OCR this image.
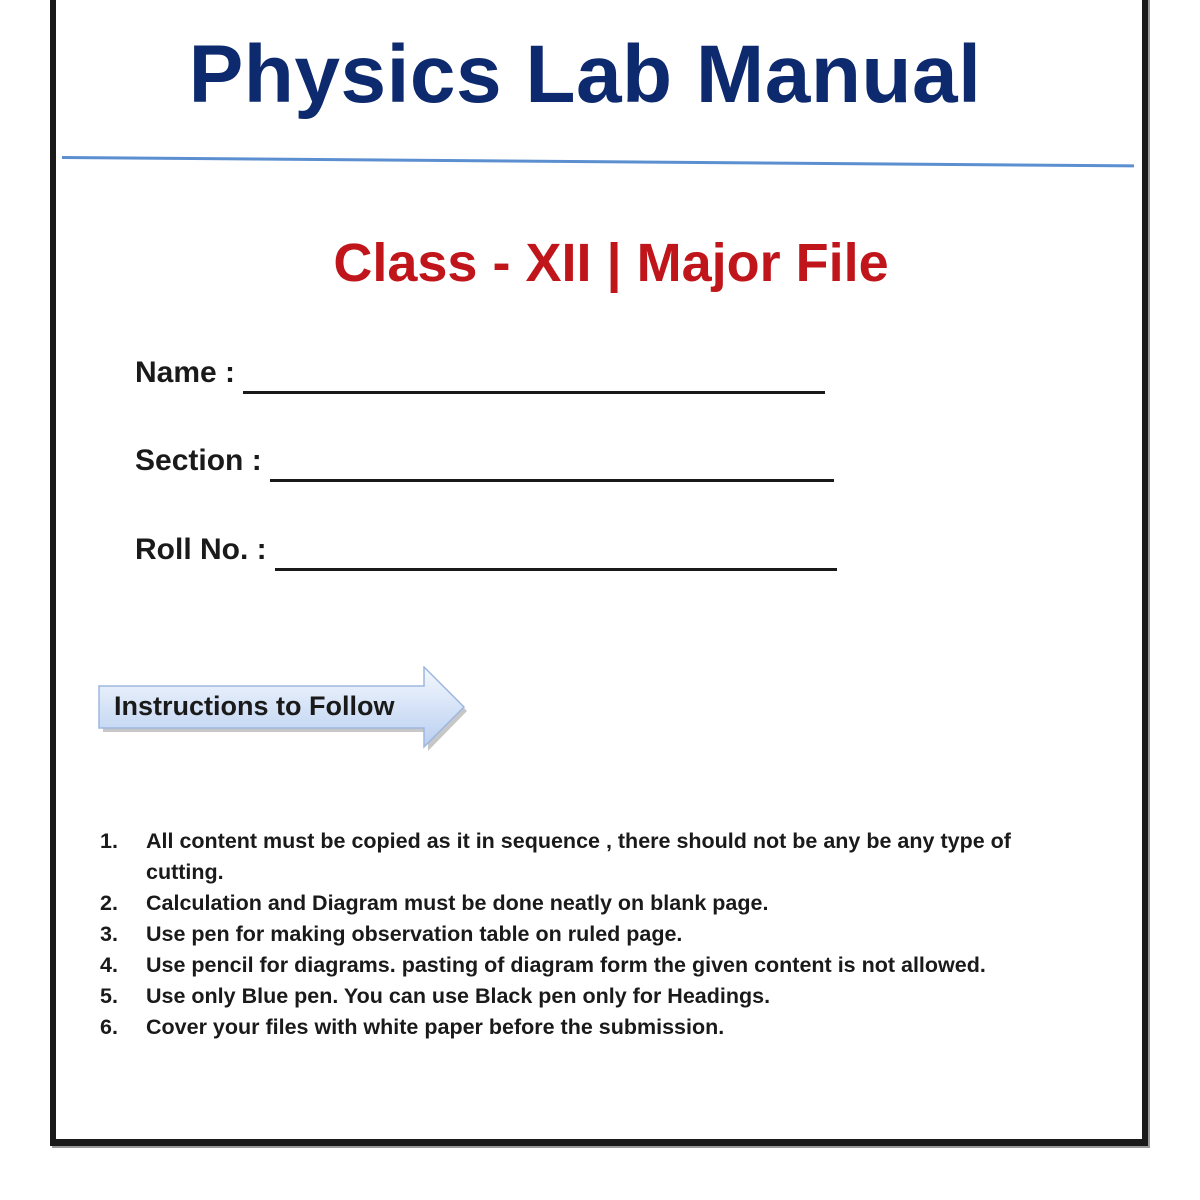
Physics Lab Manual
Class - XII | Major File
Name :
Section :
Roll No. :
Instructions to Follow
1. All content must be copied as it in sequence , there should not be any be any type of cutting.
2. Calculation and Diagram must be done neatly on blank page.
3. Use pen for making observation table on ruled page.
4. Use pencil for diagrams. pasting of diagram form the given content is not allowed.
5. Use only Blue pen. You can use Black pen only for Headings.
6. Cover your files with white paper before the submission.
